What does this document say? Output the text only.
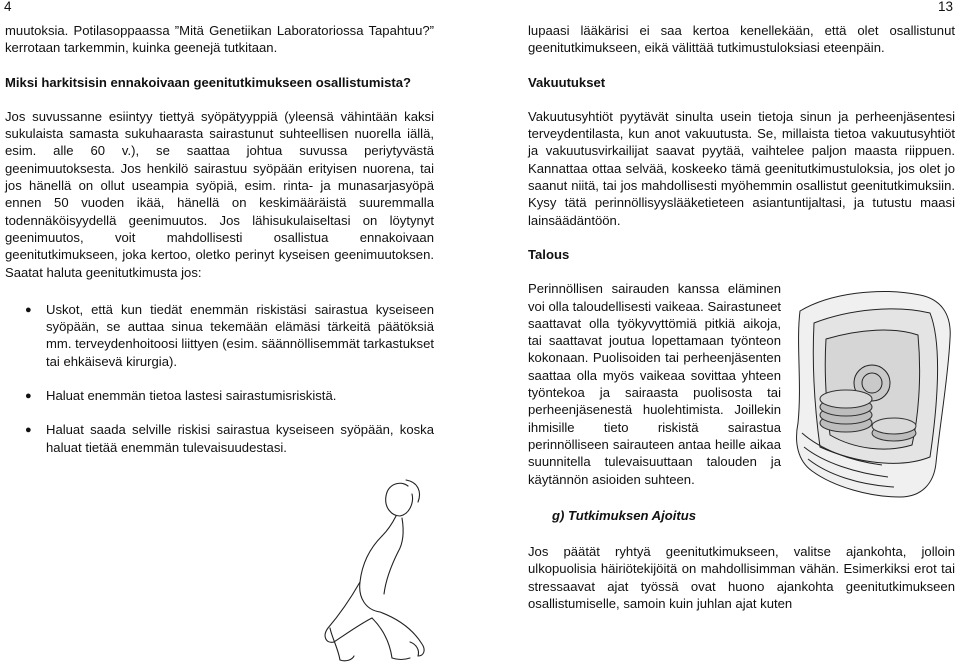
4	13

muutoksia. Potilasoppaassa ”Mitä Genetiikan Laboratoriossa Tapahtuu?” kerrotaan tarkemmin, kuinka geenejä tutkitaan.

Miksi harkitsisin ennakoivaan geenitutkimukseen osallistumista?

Jos suvussanne esiintyy tiettyä syöpätyyppiä (yleensä vähintään kaksi sukulaista samasta sukuhaarasta sairastunut suhteellisen nuorella iällä, esim. alle 60 v.), se saattaa johtua suvussa periytyvästä geenimuutoksesta. Jos henkilö sairastuu syöpään erityisen nuorena, tai jos hänellä on ollut useampia syöpiä, esim. rinta- ja munasarjasyöpä ennen 50 vuoden ikää, hänellä on keskimääräistä suuremmalla todennäköisyydellä geenimuutos. Jos lähisukulaiseltasi on löytynyt geenimuutos, voit mahdollisesti osallistua ennakoivaan geenitutkimukseen, joka kertoo, oletko perinyt kyseisen geenimuutoksen. Saatat haluta geenitutkimusta jos:

● Uskot, että kun tiedät enemmän riskistäsi sairastua kyseiseen syöpään, se auttaa sinua tekemään elämäsi tärkeitä päätöksiä mm. terveydenhoitoosi liittyen (esim. säännöllisemmät tarkastukset tai ehkäisevä kirurgia).
● Haluat enemmän tietoa lastesi sairastumisriskistä.
● Haluat saada selville riskisi sairastua kyseiseen syöpään, koska haluat tietää enemmän tulevaisuudestasi.

lupaasi lääkärisi ei saa kertoa kenellekään, että olet osallistunut geenitutkimukseen, eikä välittää tutkimustuloksiasi eteenpäin.

Vakuutukset

Vakuutusyhtiöt pyytävät sinulta usein tietoja sinun ja perheenjäsentesi terveydentilasta, kun anot vakuutusta. Se, millaista tietoa vakuutusyhtiöt ja vakuutusvirkailijat saavat pyytää, vaihtelee paljon maasta riippuen. Kannattaa ottaa selvää, koskeeko tämä geenitutkimustuloksia, jos olet jo saanut niitä, tai jos mahdollisesti myöhemmin osallistut geenitutkimuksiin. Kysy tätä perinnöllisyyslääketieteen asiantuntijaltasi, ja tutustu maasi lainsäädäntöön.

Talous

Perinnöllisen sairauden kanssa eläminen voi olla taloudellisesti vaikeaa. Sairastuneet saattavat olla työkyvyttömiä pitkiä aikoja, tai saattavat joutua lopettamaan työnteon kokonaan. Puolisoiden tai perheenjäsenten saattaa olla myös vaikeaa sovittaa yhteen työntekoa ja sairaasta puolisosta tai perheenjäsenestä huolehtimista. Joillekin ihmisille tieto riskistä sairastua perinnölliseen sairauteen antaa heille aikaa suunnitella tulevaisuuttaan talouden ja käytännön asioiden suhteen.

g) Tutkimuksen Ajoitus

Jos päätät ryhtyä geenitutkimukseen, valitse ajankohta, jolloin ulkopuolisia häiriötekijöitä on mahdollisimman vähän. Esimerkiksi erot tai stressaavat ajat työssä ovat huono ajankohta geenitutkimukseen osallistumiselle, samoin kuin juhlan ajat kuten
